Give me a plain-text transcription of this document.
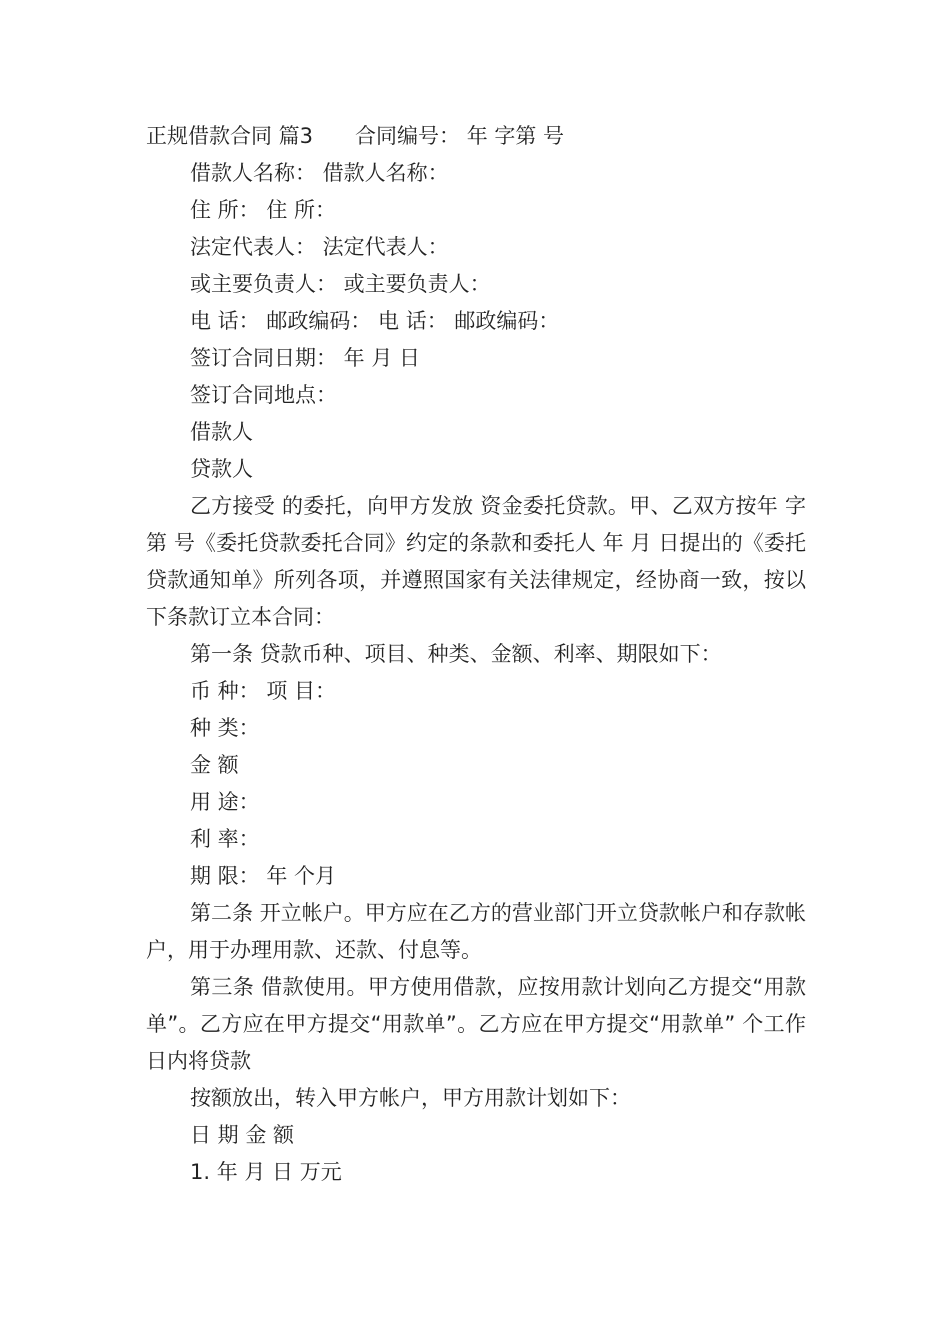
正规借款合同 篇3　　合同编号： 年 字第 号
借款人名称： 借款人名称：
住 所： 住 所：
法定代表人： 法定代表人：
或主要负责人： 或主要负责人：
电 话： 邮政编码： 电 话： 邮政编码：
签订合同日期： 年 月 日
签订合同地点：
借款人
贷款人
乙方接受 的委托，向甲方发放 资金委托贷款。甲、乙双方按年 字第 号《委托贷款委托合同》约定的条款和委托人 年 月 日提出的《委托贷款通知单》所列各项，并遵照国家有关法律规定，经协商一致，按以下条款订立本合同：
第一条 贷款币种、项目、种类、金额、利率、期限如下：
币 种： 项 目：
种 类：
金 额
用 途：
利 率：
期 限： 年 个月
第二条 开立帐户。甲方应在乙方的营业部门开立贷款帐户和存款帐户，用于办理用款、还款、付息等。
第三条 借款使用。甲方使用借款，应按用款计划向乙方提交“用款单”。乙方应在甲方提交“用款单”。乙方应在甲方提交“用款单” 个工作日内将贷款
按额放出，转入甲方帐户，甲方用款计划如下：
日 期 金 额
1. 年 月 日 万元
